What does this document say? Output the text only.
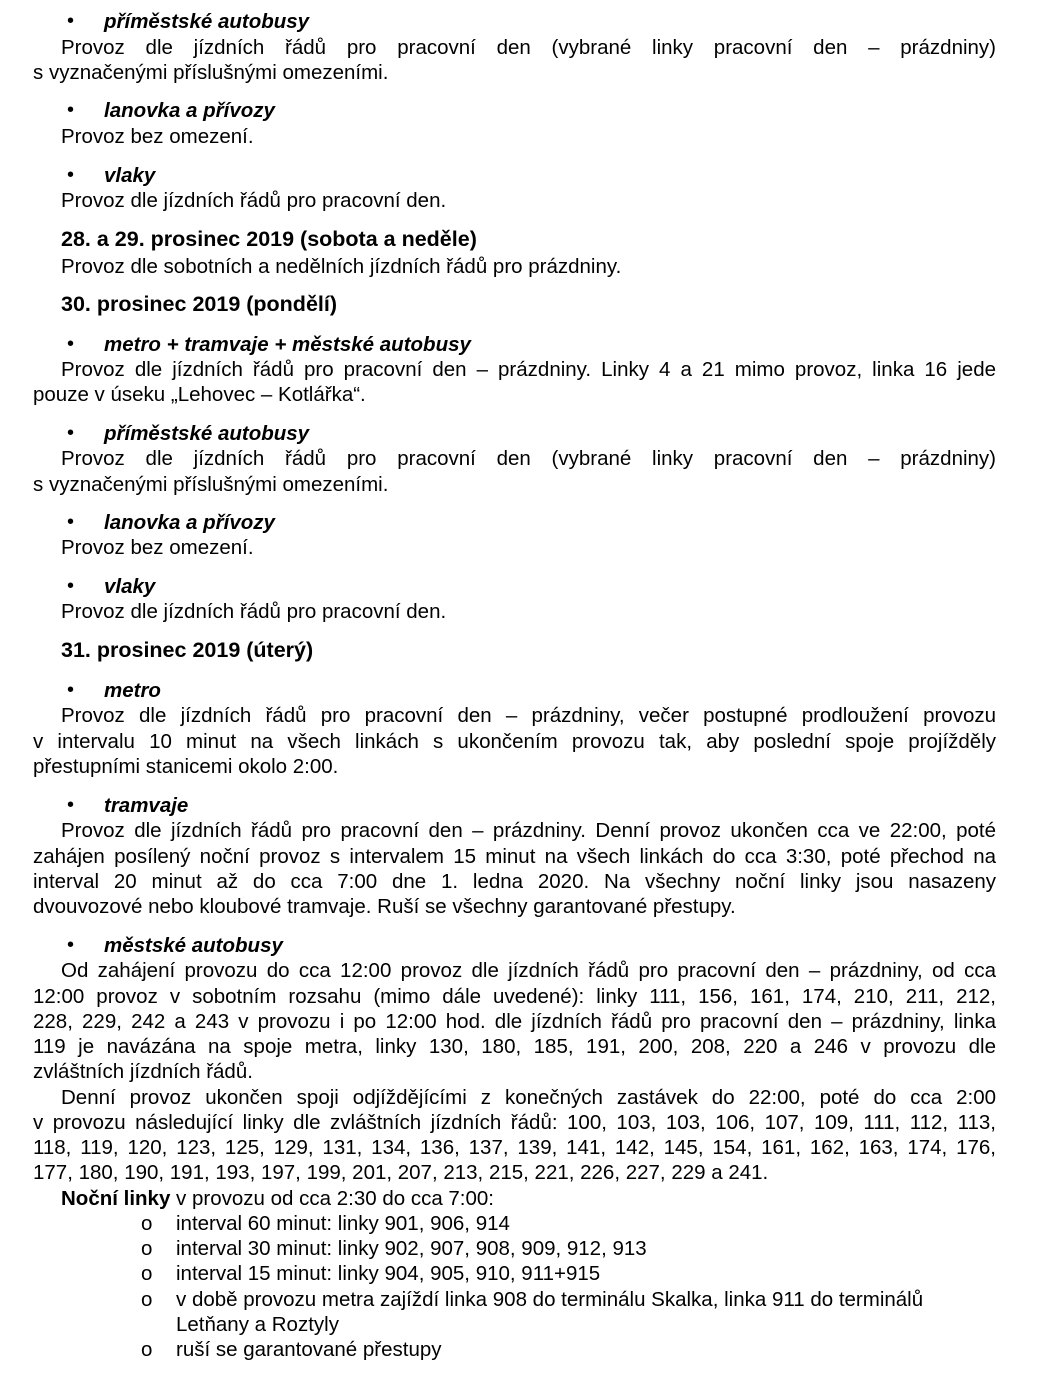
• příměstské autobusy
Provoz dle jízdních řádů pro pracovní den (vybrané linky pracovní den – prázdniny)
s vyznačenými příslušnými omezeními.
• lanovka a přívozy
Provoz bez omezení.
• vlaky
Provoz dle jízdních řádů pro pracovní den.
28. a 29. prosinec 2019 (sobota a neděle)
Provoz dle sobotních a nedělních jízdních řádů pro prázdniny.
30. prosinec 2019 (pondělí)
• metro + tramvaje + městské autobusy
Provoz dle jízdních řádů pro pracovní den – prázdniny. Linky 4 a 21 mimo provoz, linka 16 jede
pouze v úseku „Lehovec – Kotlářka“.
• příměstské autobusy
Provoz dle jízdních řádů pro pracovní den (vybrané linky pracovní den – prázdniny)
s vyznačenými příslušnými omezeními.
• lanovka a přívozy
Provoz bez omezení.
• vlaky
Provoz dle jízdních řádů pro pracovní den.
31. prosinec 2019 (úterý)
• metro
Provoz dle jízdních řádů pro pracovní den – prázdniny, večer postupné prodloužení provozu
v intervalu 10 minut na všech linkách s ukončením provozu tak, aby poslední spoje projížděly
přestupními stanicemi okolo 2:00.
• tramvaje
Provoz dle jízdních řádů pro pracovní den – prázdniny. Denní provoz ukončen cca ve 22:00, poté
zahájen posílený noční provoz s intervalem 15 minut na všech linkách do cca 3:30, poté přechod na
interval 20 minut až do cca 7:00 dne 1. ledna 2020. Na všechny noční linky jsou nasazeny
dvouvozové nebo kloubové tramvaje. Ruší se všechny garantované přestupy.
• městské autobusy
Od zahájení provozu do cca 12:00 provoz dle jízdních řádů pro pracovní den – prázdniny, od cca
12:00 provoz v sobotním rozsahu (mimo dále uvedené): linky 111, 156, 161, 174, 210, 211, 212,
228, 229, 242 a 243 v provozu i po 12:00 hod. dle jízdních řádů pro pracovní den – prázdniny, linka
119 je navázána na spoje metra, linky 130, 180, 185, 191, 200, 208, 220 a 246 v provozu dle
zvláštních jízdních řádů.
Denní provoz ukončen spoji odjíždějícími z konečných zastávek do 22:00, poté do cca 2:00
v provozu následující linky dle zvláštních jízdních řádů: 100, 103, 103, 106, 107, 109, 111, 112, 113,
118, 119, 120, 123, 125, 129, 131, 134, 136, 137, 139, 141, 142, 145, 154, 161, 162, 163, 174, 176,
177, 180, 190, 191, 193, 197, 199, 201, 207, 213, 215, 221, 226, 227, 229 a 241.
Noční linky v provozu od cca 2:30 do cca 7:00:
o interval 60 minut: linky 901, 906, 914
o interval 30 minut: linky 902, 907, 908, 909, 912, 913
o interval 15 minut: linky 904, 905, 910, 911+915
o v době provozu metra zajíždí linka 908 do terminálu Skalka, linka 911 do terminálů
Letňany a Roztyly
o ruší se garantované přestupy
